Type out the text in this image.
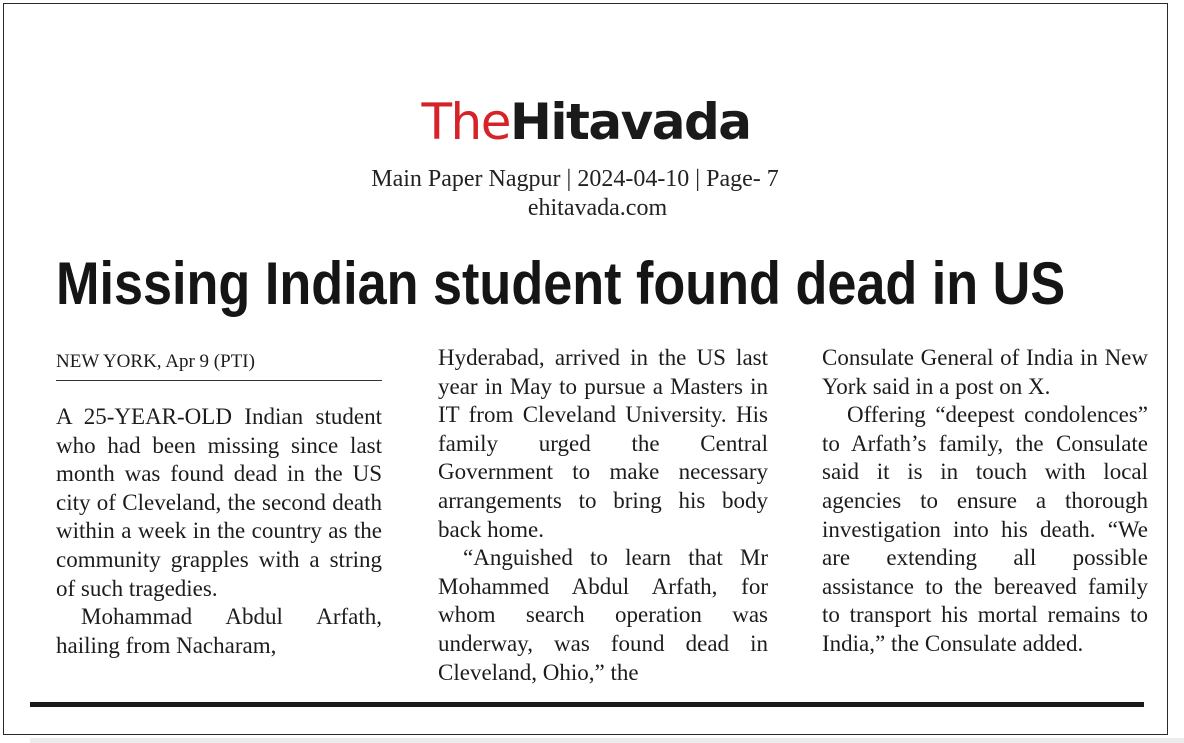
TheHitavada
Main Paper Nagpur | 2024-04-10 | Page- 7
ehitavada.com
Missing Indian student found dead in US
NEW YORK, Apr 9 (PTI)

A 25-YEAR-OLD Indian student who had been missing since last month was found dead in the US city of Cleveland, the second death within a week in the country as the community grapples with a string of such tragedies.

Mohammad Abdul Arfath, hailing from Nacharam,

Hyderabad, arrived in the US last year in May to pursue a Masters in IT from Cleveland University. His family urged the Central Government to make necessary arrangements to bring his body back home.

“Anguished to learn that Mr Mohammed Abdul Arfath, for whom search operation was underway, was found dead in Cleveland, Ohio,” the

Consulate General of India in New York said in a post on X.

Offering “deepest condolences” to Arfath’s family, the Consulate said it is in touch with local agencies to ensure a thorough investigation into his death. “We are extending all possible assistance to the bereaved family to transport his mortal remains to India,” the Consulate added.
